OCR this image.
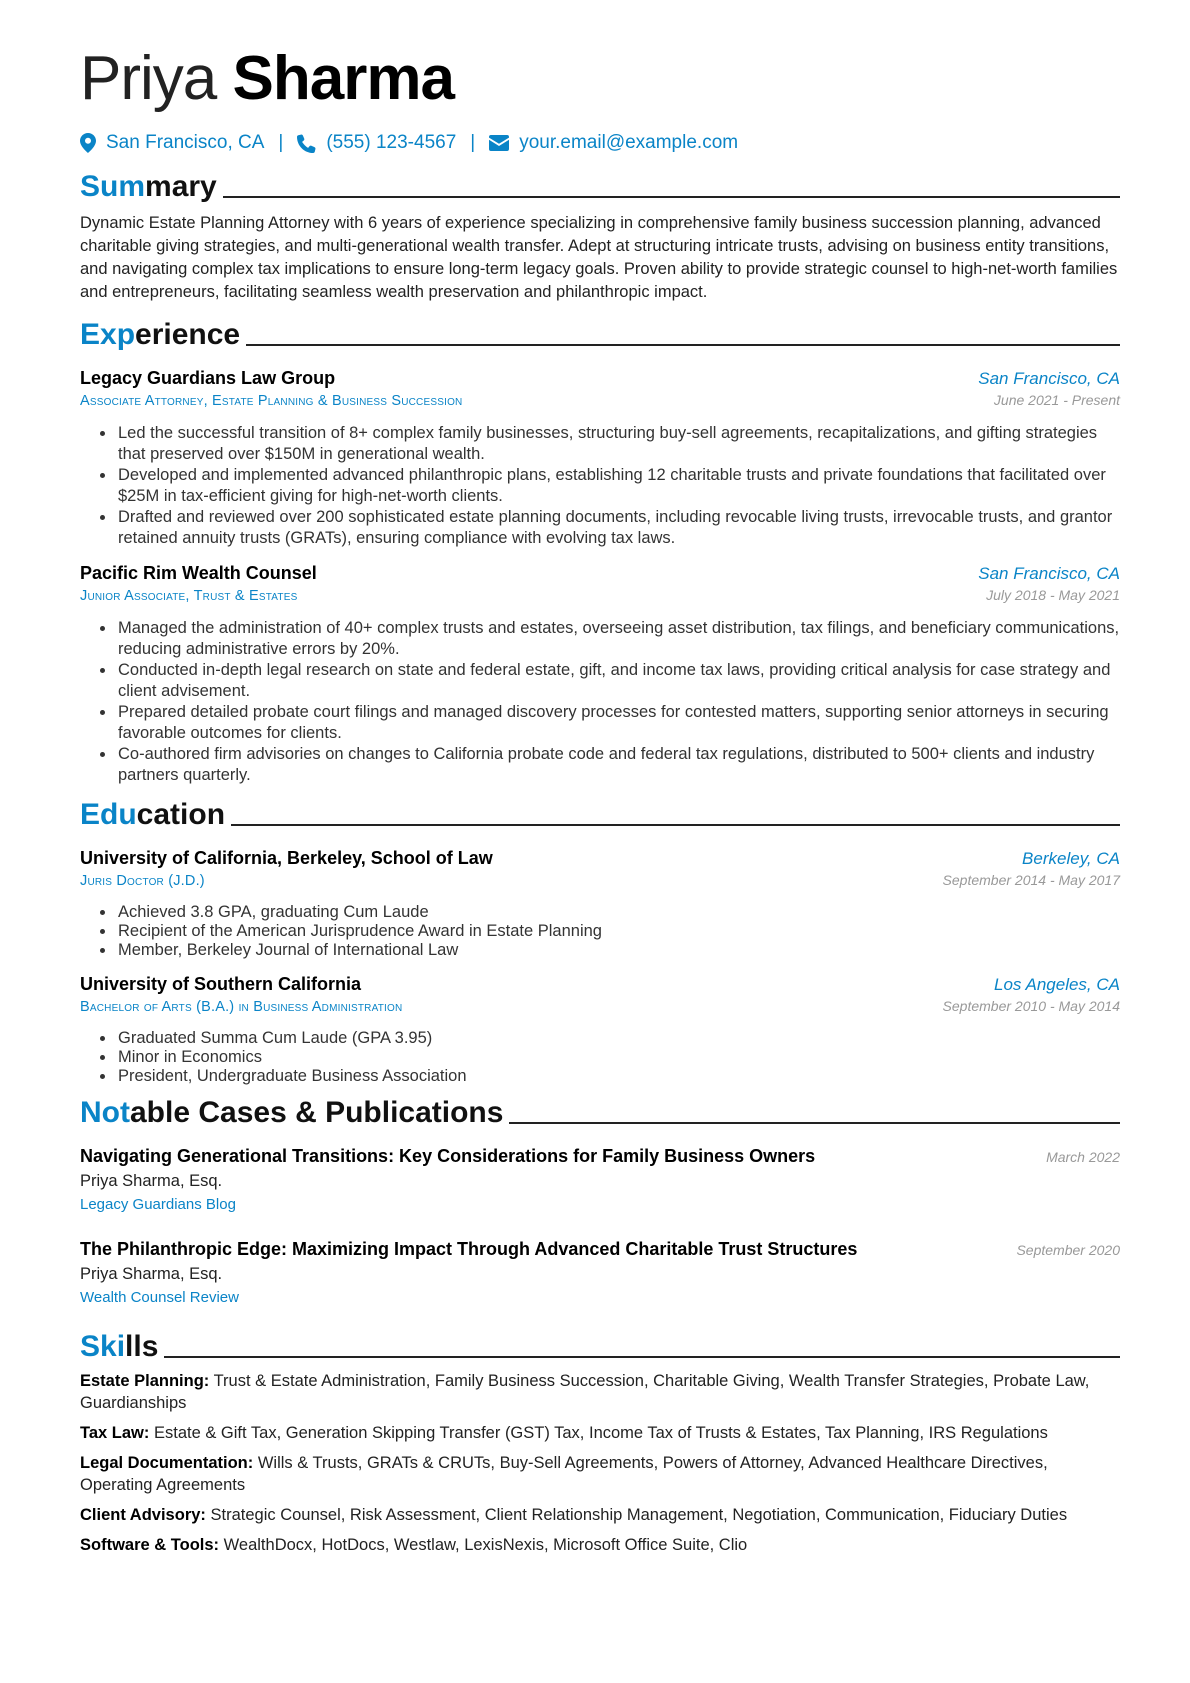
Priya Sharma
San Francisco, CA | (555) 123-4567 | your.email@example.com
Summary

Dynamic Estate Planning Attorney with 6 years of experience specializing in comprehensive family business succession planning, advanced charitable giving strategies, and multi-generational wealth transfer. Adept at structuring intricate trusts, advising on business entity transitions, and navigating complex tax implications to ensure long-term legacy goals. Proven ability to provide strategic counsel to high-net-worth families and entrepreneurs, facilitating seamless wealth preservation and philanthropic impact.

Experience
Legacy Guardians Law Group	San Francisco, CA
Associate Attorney, Estate Planning & Business Succession	June 2021 - Present
• Led the successful transition of 8+ complex family businesses, structuring buy-sell agreements, recapitalizations, and gifting strategies that preserved over $150M in generational wealth.
• Developed and implemented advanced philanthropic plans, establishing 12 charitable trusts and private foundations that facilitated over $25M in tax-efficient giving for high-net-worth clients.
• Drafted and reviewed over 200 sophisticated estate planning documents, including revocable living trusts, irrevocable trusts, and grantor retained annuity trusts (GRATs), ensuring compliance with evolving tax laws.
Pacific Rim Wealth Counsel	San Francisco, CA
Junior Associate, Trust & Estates	July 2018 - May 2021
• Managed the administration of 40+ complex trusts and estates, overseeing asset distribution, tax filings, and beneficiary communications, reducing administrative errors by 20%.
• Conducted in-depth legal research on state and federal estate, gift, and income tax laws, providing critical analysis for case strategy and client advisement.
• Prepared detailed probate court filings and managed discovery processes for contested matters, supporting senior attorneys in securing favorable outcomes for clients.
• Co-authored firm advisories on changes to California probate code and federal tax regulations, distributed to 500+ clients and industry partners quarterly.
Education
University of California, Berkeley, School of Law	Berkeley, CA
Juris Doctor (J.D.)	September 2014 - May 2017
• Achieved 3.8 GPA, graduating Cum Laude
• Recipient of the American Jurisprudence Award in Estate Planning
• Member, Berkeley Journal of International Law
University of Southern California	Los Angeles, CA
Bachelor of Arts (B.A.) in Business Administration	September 2010 - May 2014
• Graduated Summa Cum Laude (GPA 3.95)
• Minor in Economics
• President, Undergraduate Business Association
Notable Cases & Publications
Navigating Generational Transitions: Key Considerations for Family Business Owners	March 2022
Priya Sharma, Esq.
Legacy Guardians Blog
The Philanthropic Edge: Maximizing Impact Through Advanced Charitable Trust Structures	September 2020
Priya Sharma, Esq.
Wealth Counsel Review
Skills
Estate Planning: Trust & Estate Administration, Family Business Succession, Charitable Giving, Wealth Transfer Strategies, Probate Law, Guardianships
Tax Law: Estate & Gift Tax, Generation Skipping Transfer (GST) Tax, Income Tax of Trusts & Estates, Tax Planning, IRS Regulations
Legal Documentation: Wills & Trusts, GRATs & CRUTs, Buy-Sell Agreements, Powers of Attorney, Advanced Healthcare Directives, Operating Agreements
Client Advisory: Strategic Counsel, Risk Assessment, Client Relationship Management, Negotiation, Communication, Fiduciary Duties
Software & Tools: WealthDocx, HotDocs, Westlaw, LexisNexis, Microsoft Office Suite, Clio
